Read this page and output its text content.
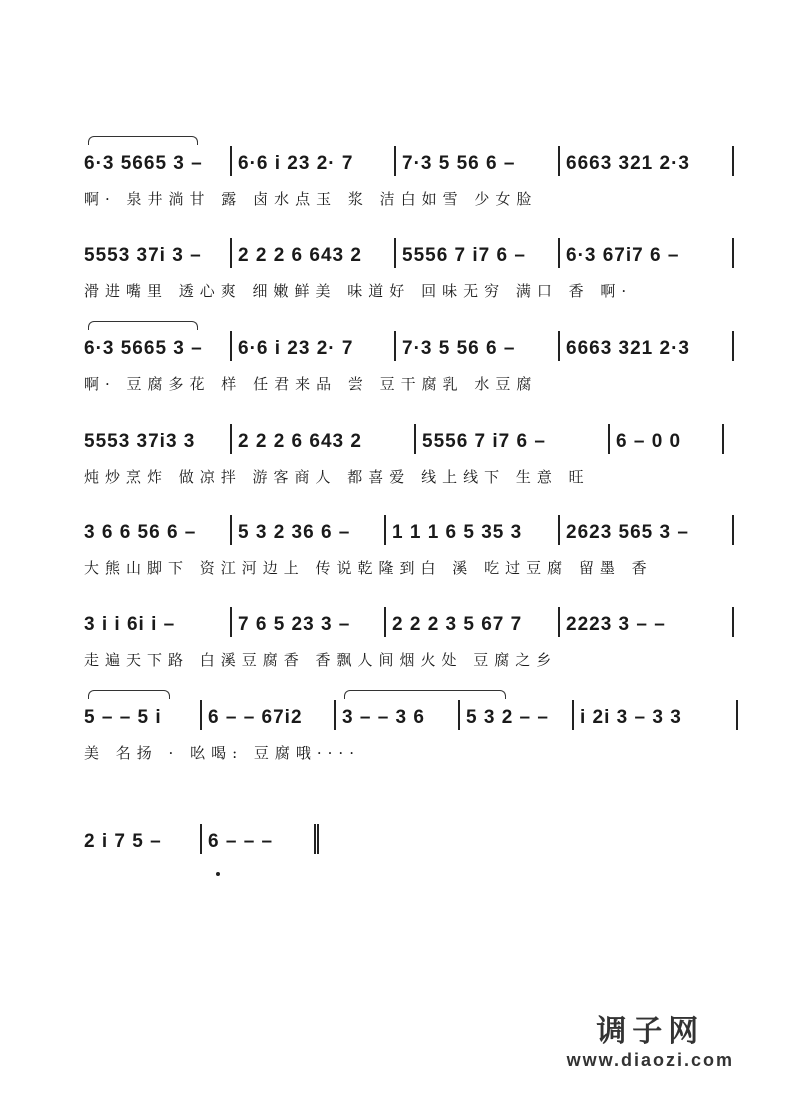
6·3 5665 3 –	6·6 i 23 2· 7	7·3 5 56 6 –	6663 321 2·3
啊· 泉井淌甘 露 卤水点玉 浆 洁白如雪 少女脸
5553 37i 3 –	2 2 2 6 643 2	5556 7 i7 6 –	6·3 67i7 6 –
滑进嘴里 透心爽 细嫩鲜美 味道好 回味无穷 满口 香 啊·
6·3 5665 3 –	6·6 i 23 2· 7	7·3 5 56 6 –	6663 321 2·3
啊· 豆腐多花 样 任君来品 尝 豆干腐乳 水豆腐
5553 37i3 3	2 2 2 6 643 2	5556 7 i7 6 –	6 – 0 0
炖炒烹炸 做凉拌 游客商人 都喜爱 线上线下 生意 旺
3 6 6 56 6 –	5 3 2 36 6 –	1 1 1 6 5 35 3	2623 565 3 –
大熊山脚下 资江河边上 传说乾隆到白 溪 吃过豆腐 留墨 香
3 i i 6i i –	7 6 5 23 3 –	2 2 2 3 5 67 7	2223 3 – –
走遍天下路 白溪豆腐香 香飘人间烟火处 豆腐之乡
5 – – 5 i	6 – – 67i2	3 – – 3 6	5 3 2 – –	i 2i 3 – 3 3
美 名扬 · 吆喝: 豆腐哦····
2 i 7 5 –	6 – – –
调子网
www.diaozi.com
